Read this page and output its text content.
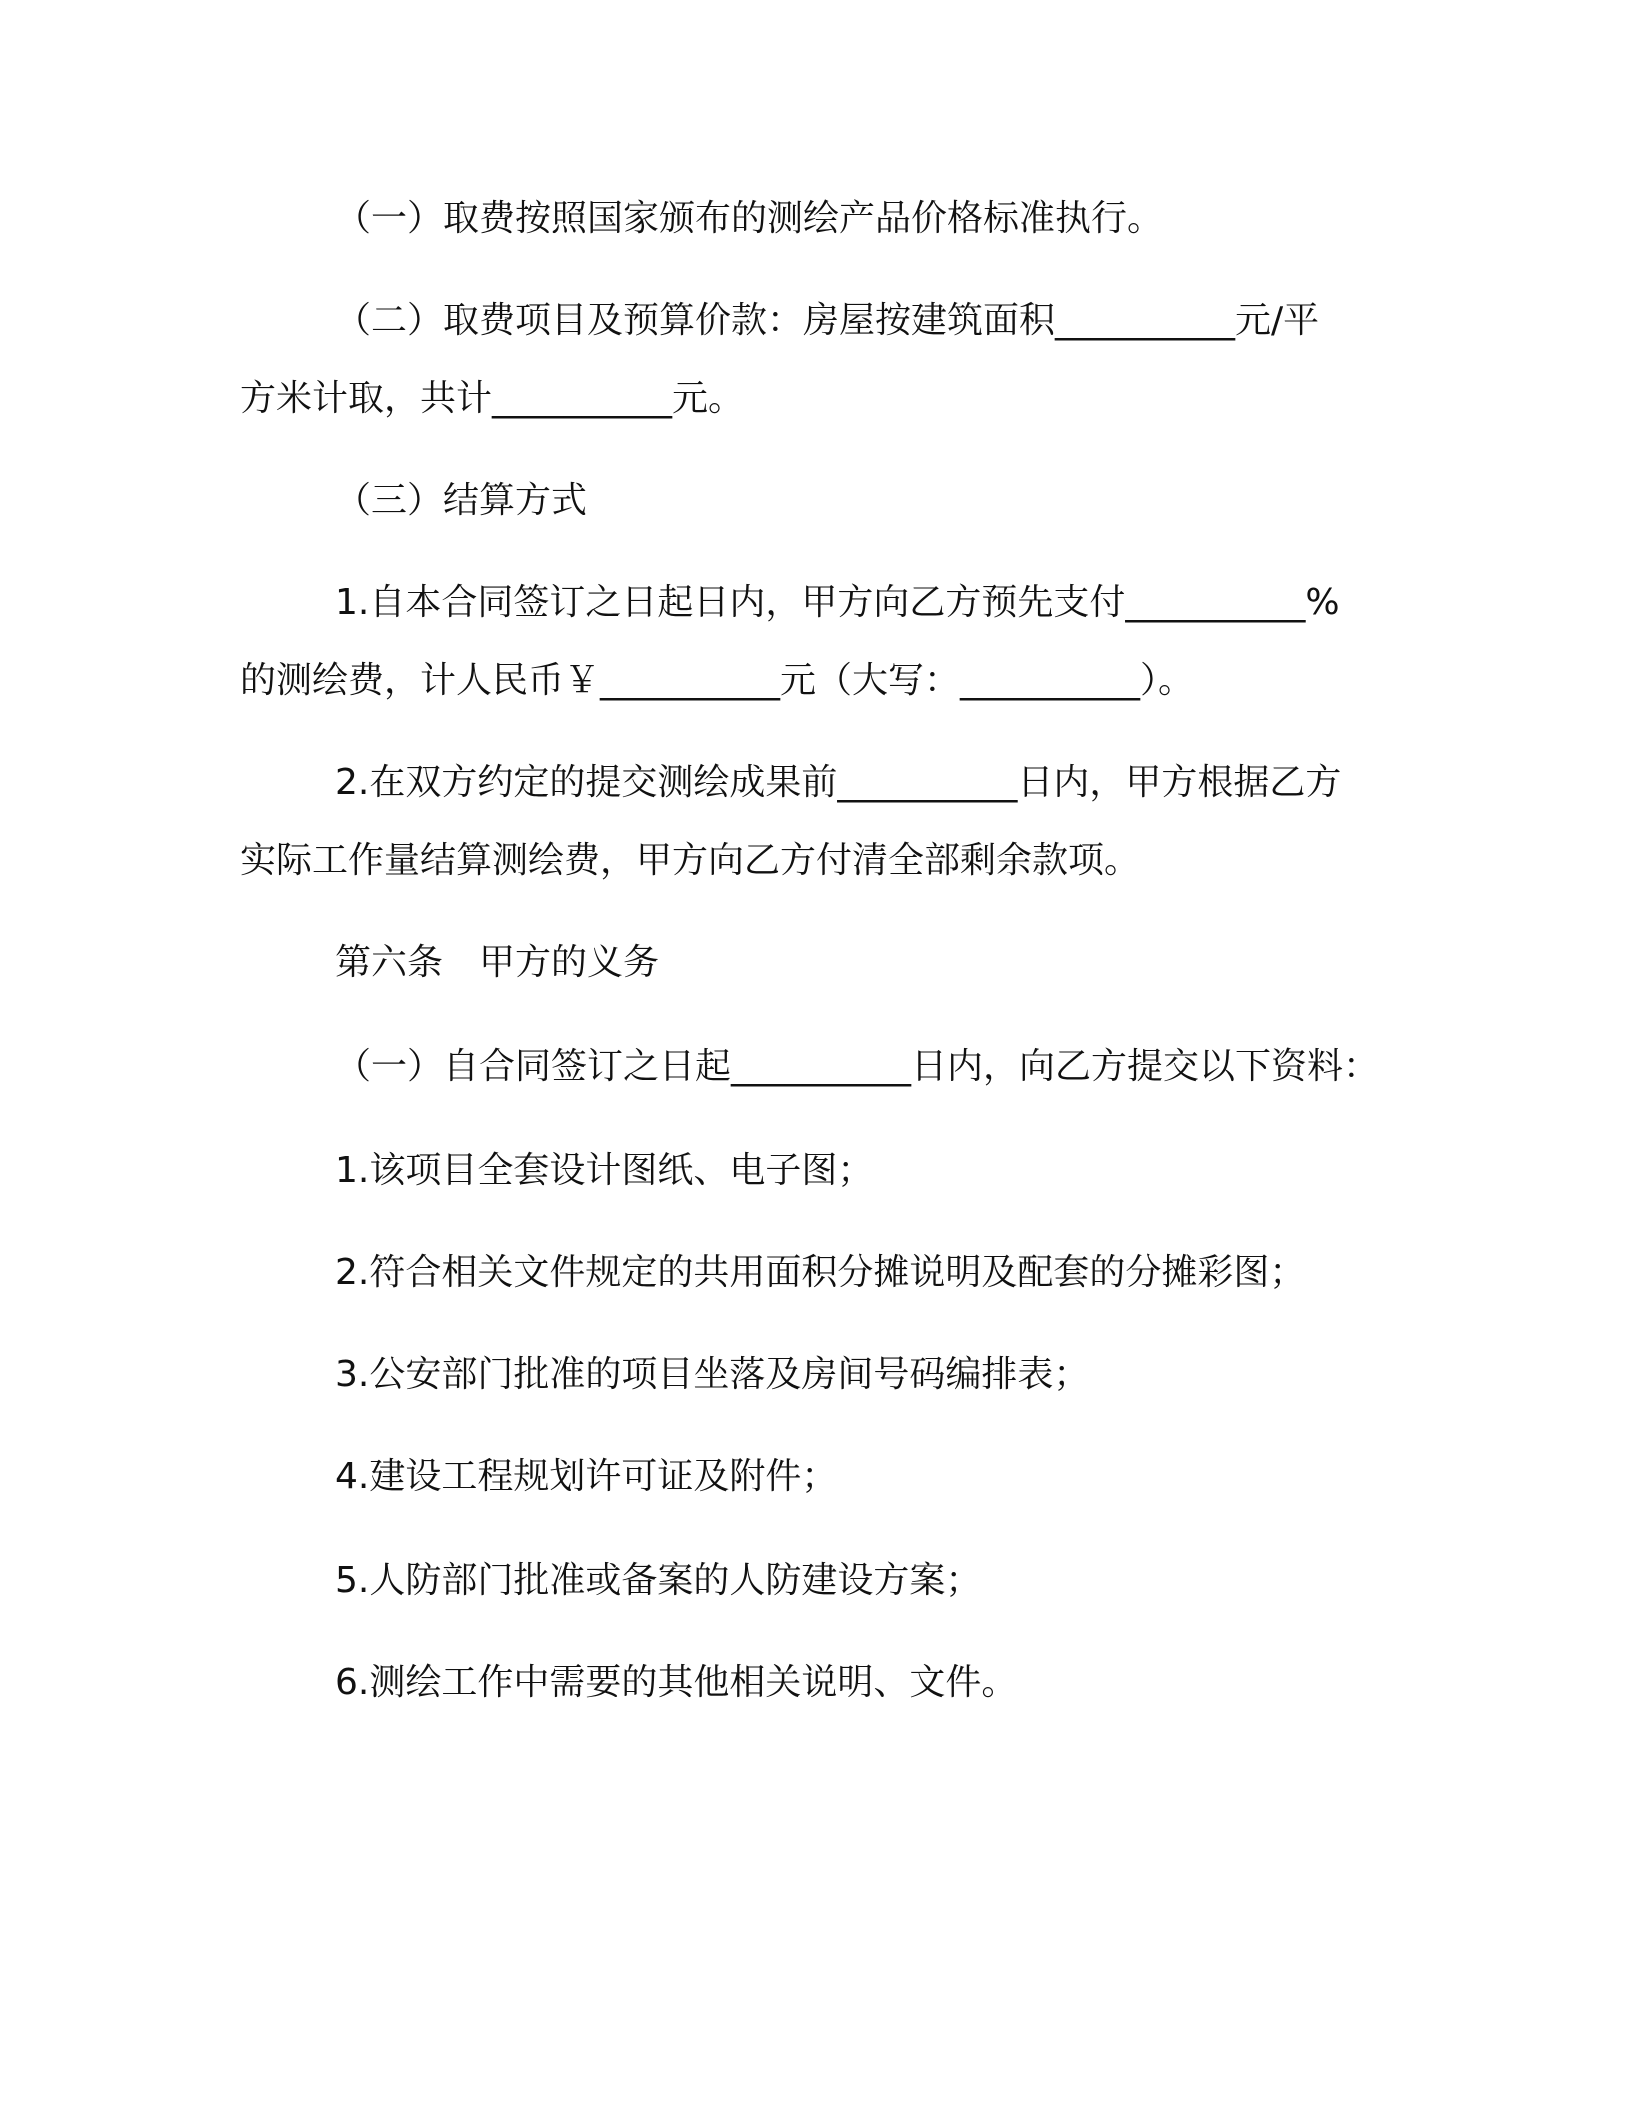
（一）取费按照国家颁布的测绘产品价格标准执行。

（二）取费项目及预算价款：房屋按建筑面积__________元/平
方米计取，共计__________元。

（三）结算方式

1.自本合同签订之日起日内，甲方向乙方预先支付__________%
的测绘费，计人民币￥__________元（大写：__________）。

2.在双方约定的提交测绘成果前__________日内，甲方根据乙方
实际工作量结算测绘费，甲方向乙方付清全部剩余款项。

第六条　甲方的义务

（一）自合同签订之日起__________日内，向乙方提交以下资料：

1.该项目全套设计图纸、电子图；

2.符合相关文件规定的共用面积分摊说明及配套的分摊彩图；

3.公安部门批准的项目坐落及房间号码编排表；

4.建设工程规划许可证及附件；

5.人防部门批准或备案的人防建设方案；

6.测绘工作中需要的其他相关说明、文件。
